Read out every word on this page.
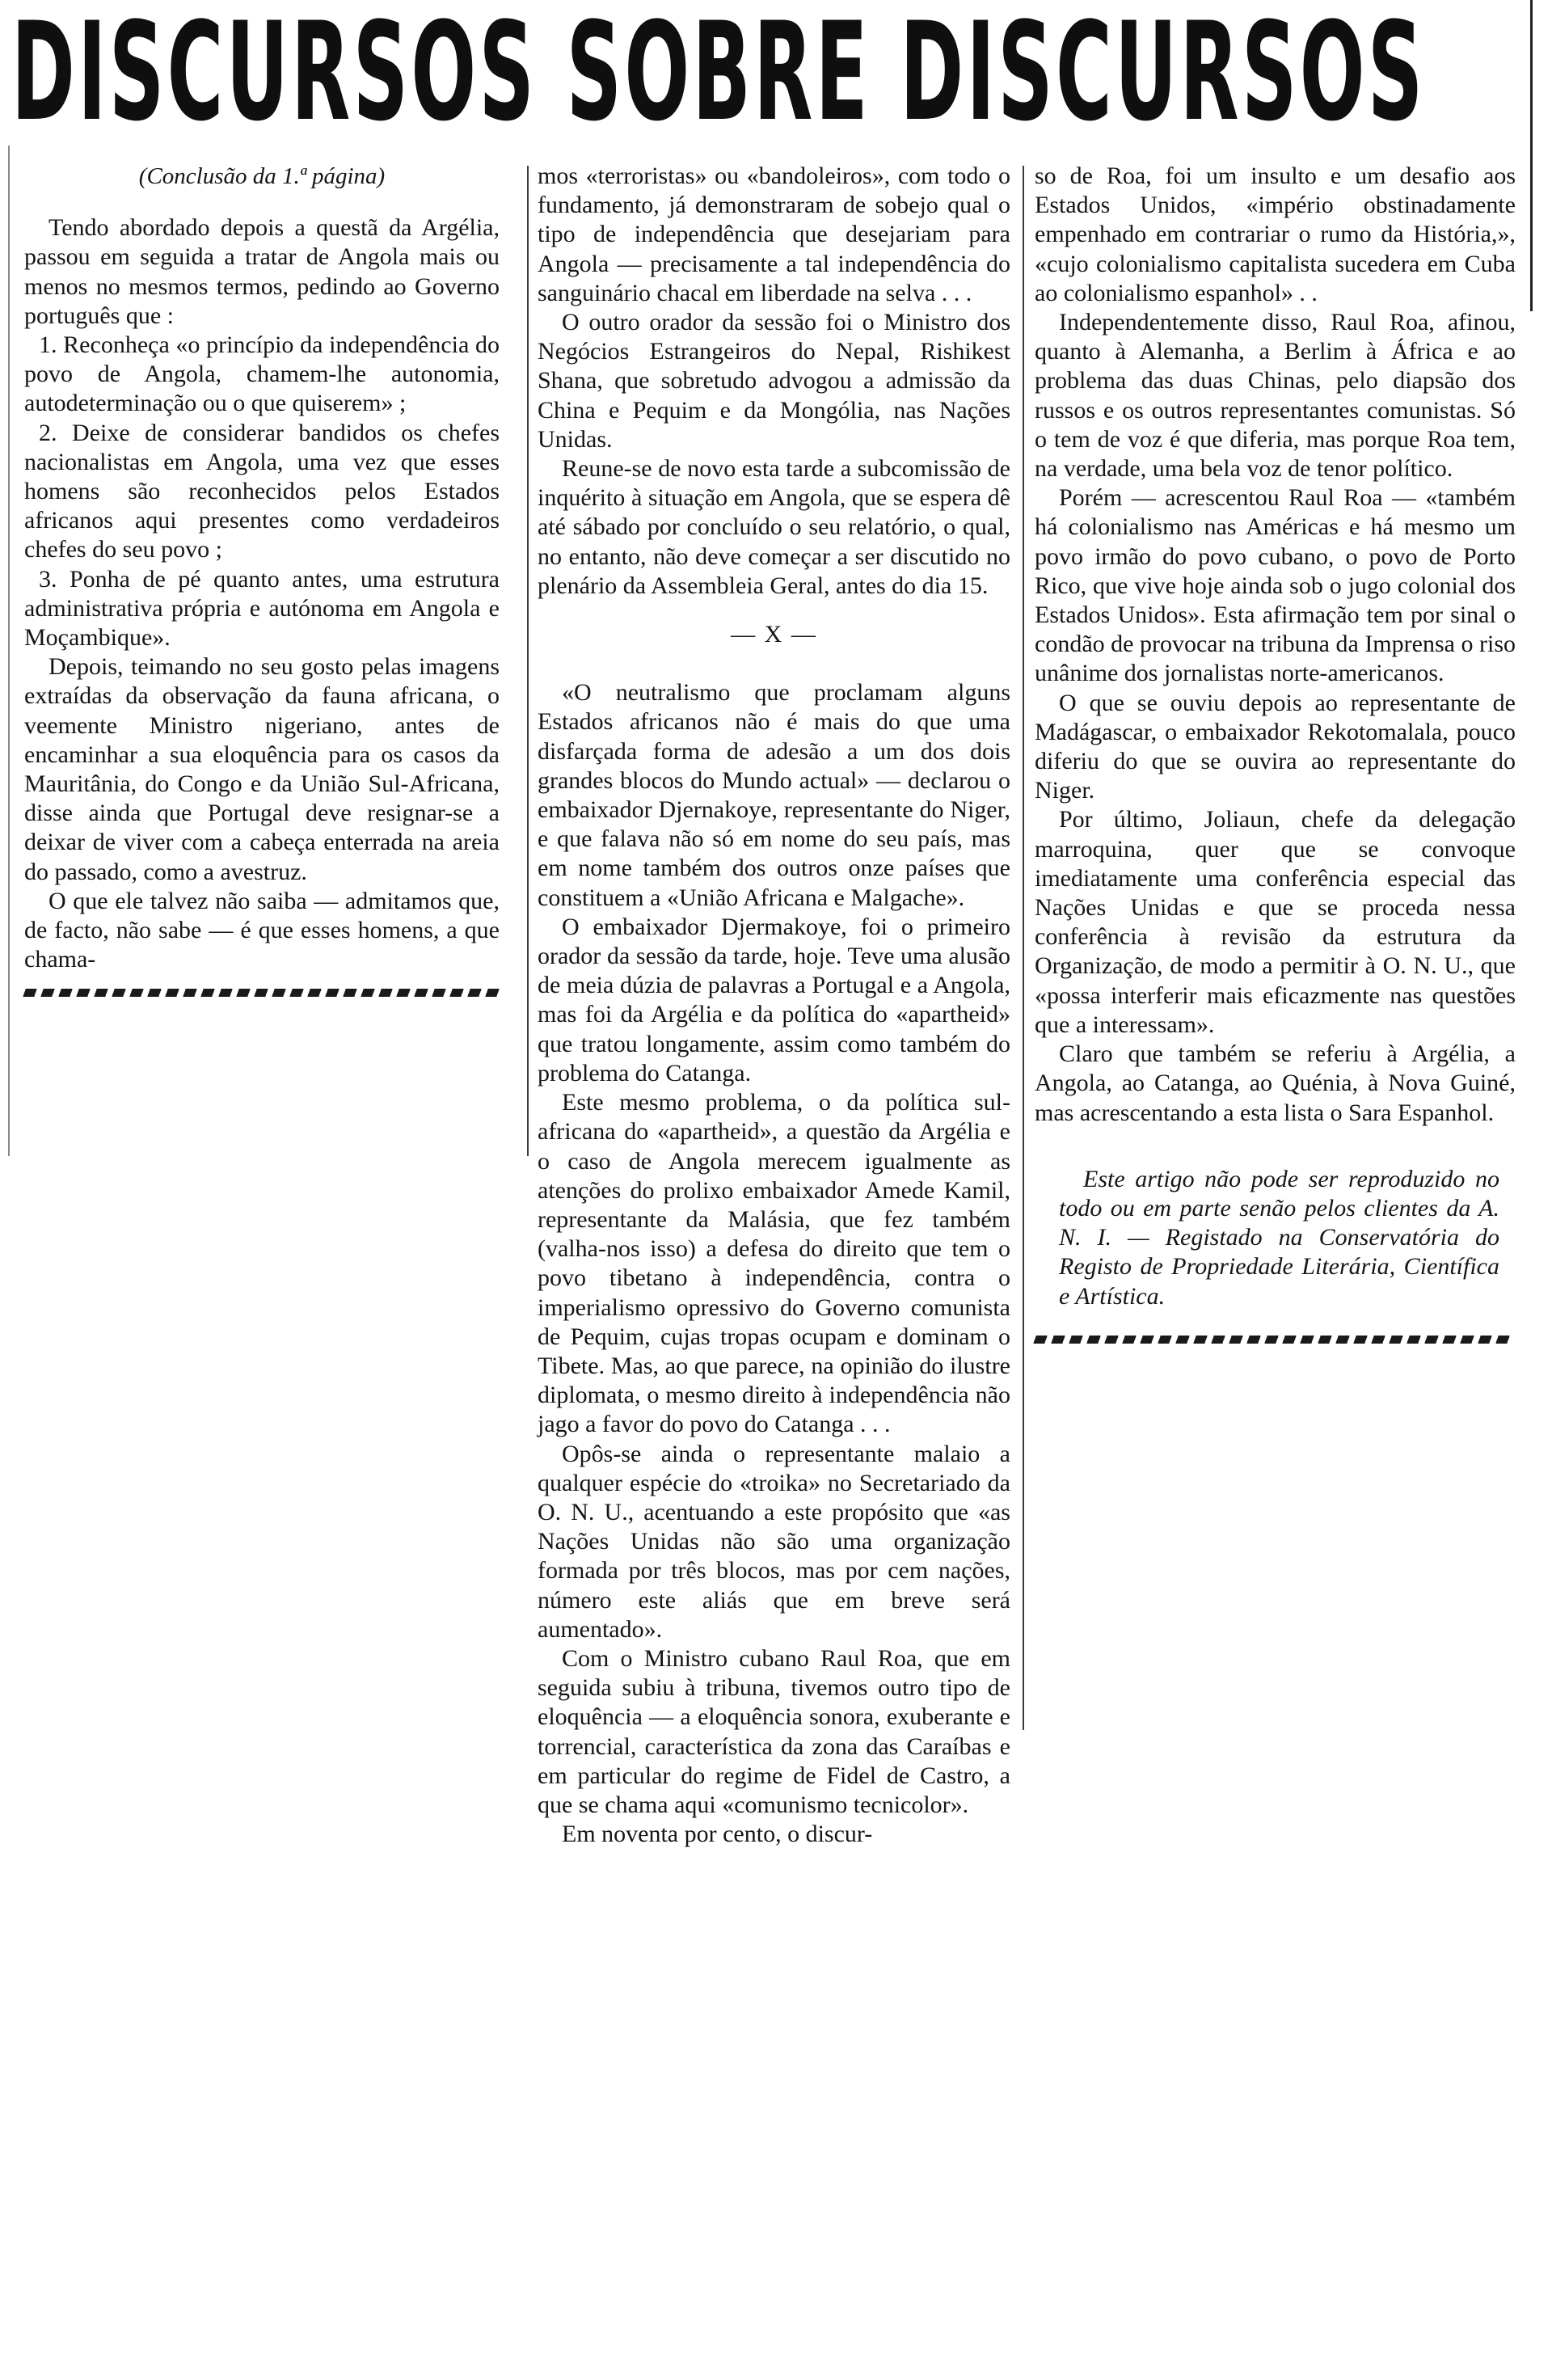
DISCURSOS SOBRE DISCURSOS

(Conclusão da 1.ª página)

Tendo abordado depois a questã da Argélia, passou em seguida a tratar de Angola mais ou menos no mesmos termos, pedindo ao Governo português que :

1. Reconheça «o princípio da independência do povo de Angola, chamem-lhe autonomia, autodeterminação ou o que quiserem» ;

2. Deixe de considerar bandidos os chefes nacionalistas em Angola, uma vez que esses homens são reconhecidos pelos Estados africanos aqui presentes como verdadeiros chefes do seu povo ;

3. Ponha de pé quanto antes, uma estrutura administrativa própria e autónoma em Angola e Moçambique».

Depois, teimando no seu gosto pelas imagens extraídas da observação da fauna africana, o veemente Ministro nigeriano, antes de encaminhar a sua eloquência para os casos da Mauritânia, do Congo e da União Sul-Africana, disse ainda que Portugal deve resignar-se a deixar de viver com a cabeça enterrada na areia do passado, como a avestruz.

O que ele talvez não saiba — admitamos que, de facto, não sabe — é que esses homens, a que chama-

mos «terroristas» ou «bandoleiros», com todo o fundamento, já demonstraram de sobejo qual o tipo de independência que desejariam para Angola — precisamente a tal independência do sanguinário chacal em liberdade na selva . . .

O outro orador da sessão foi o Ministro dos Negócios Estrangeiros do Nepal, Rishikest Shana, que sobretudo advogou a admissão da China e Pequim e da Mongólia, nas Nações Unidas.

Reune-se de novo esta tarde a subcomissão de inquérito à situação em Angola, que se espera dê até sábado por concluído o seu relatório, o qual, no entanto, não deve começar a ser discutido no plenário da Assembleia Geral, antes do dia 15.

— X —

«O neutralismo que proclamam alguns Estados africanos não é mais do que uma disfarçada forma de adesão a um dos dois grandes blocos do Mundo actual» — declarou o embaixador Djernakoye, representante do Niger, e que falava não só em nome do seu país, mas em nome também dos outros onze países que constituem a «União Africana e Malgache».

O embaixador Djermakoye, foi o primeiro orador da sessão da tarde, hoje. Teve uma alusão de meia dúzia de palavras a Portugal e a Angola, mas foi da Argélia e da política do «apartheid» que tratou longamente, assim como também do problema do Catanga.

Este mesmo problema, o da política sul-africana do «apartheid», a questão da Argélia e o caso de Angola merecem igualmente as atenções do prolixo embaixador Amede Kamil, representante da Malásia, que fez também (valha-nos isso) a defesa do direito que tem o povo tibetano à independência, contra o imperialismo opressivo do Governo comunista de Pequim, cujas tropas ocupam e dominam o Tibete. Mas, ao que parece, na opinião do ilustre diplomata, o mesmo direito à independência não jago a favor do povo do Catanga . . .

Opôs-se ainda o representante malaio a qualquer espécie do «troika» no Secretariado da O. N. U., acentuando a este propósito que «as Nações Unidas não são uma organização formada por três blocos, mas por cem nações, número este aliás que em breve será aumentado».

Com o Ministro cubano Raul Roa, que em seguida subiu à tribuna, tivemos outro tipo de eloquência — a eloquência sonora, exuberante e torrencial, característica da zona das Caraíbas e em particular do regime de Fidel de Castro, a que se chama aqui «comunismo tecnicolor».

Em noventa por cento, o discur-

so de Roa, foi um insulto e um desafio aos Estados Unidos, «império obstinadamente empenhado em contrariar o rumo da História,», «cujo colonialismo capitalista sucedera em Cuba ao colonialismo espanhol» . .

Independentemente disso, Raul Roa, afinou, quanto à Alemanha, a Berlim à África e ao problema das duas Chinas, pelo diapsão dos russos e os outros representantes comunistas. Só o tem de voz é que diferia, mas porque Roa tem, na verdade, uma bela voz de tenor político.

Porém — acrescentou Raul Roa — «também há colonialismo nas Américas e há mesmo um povo irmão do povo cubano, o povo de Porto Rico, que vive hoje ainda sob o jugo colonial dos Estados Unidos». Esta afirmação tem por sinal o condão de provocar na tribuna da Imprensa o riso unânime dos jornalistas norte-americanos.

O que se ouviu depois ao representante de Madágascar, o embaixador Rekotomalala, pouco diferiu do que se ouvira ao representante do Niger.

Por último, Joliaun, chefe da delegação marroquina, quer que se convoque imediatamente uma conferência especial das Nações Unidas e que se proceda nessa conferência à revisão da estrutura da Organização, de modo a permitir à O. N. U., que «possa interferir mais eficazmente nas questões que a interessam».

Claro que também se referiu à Argélia, a Angola, ao Catanga, ao Quénia, à Nova Guiné, mas acrescentando a esta lista o Sara Espanhol.

Este artigo não pode ser reproduzido no todo ou em parte senão pelos clientes da A. N. I. — Registado na Conservatória do Registo de Propriedade Literária, Científica e Artística.
